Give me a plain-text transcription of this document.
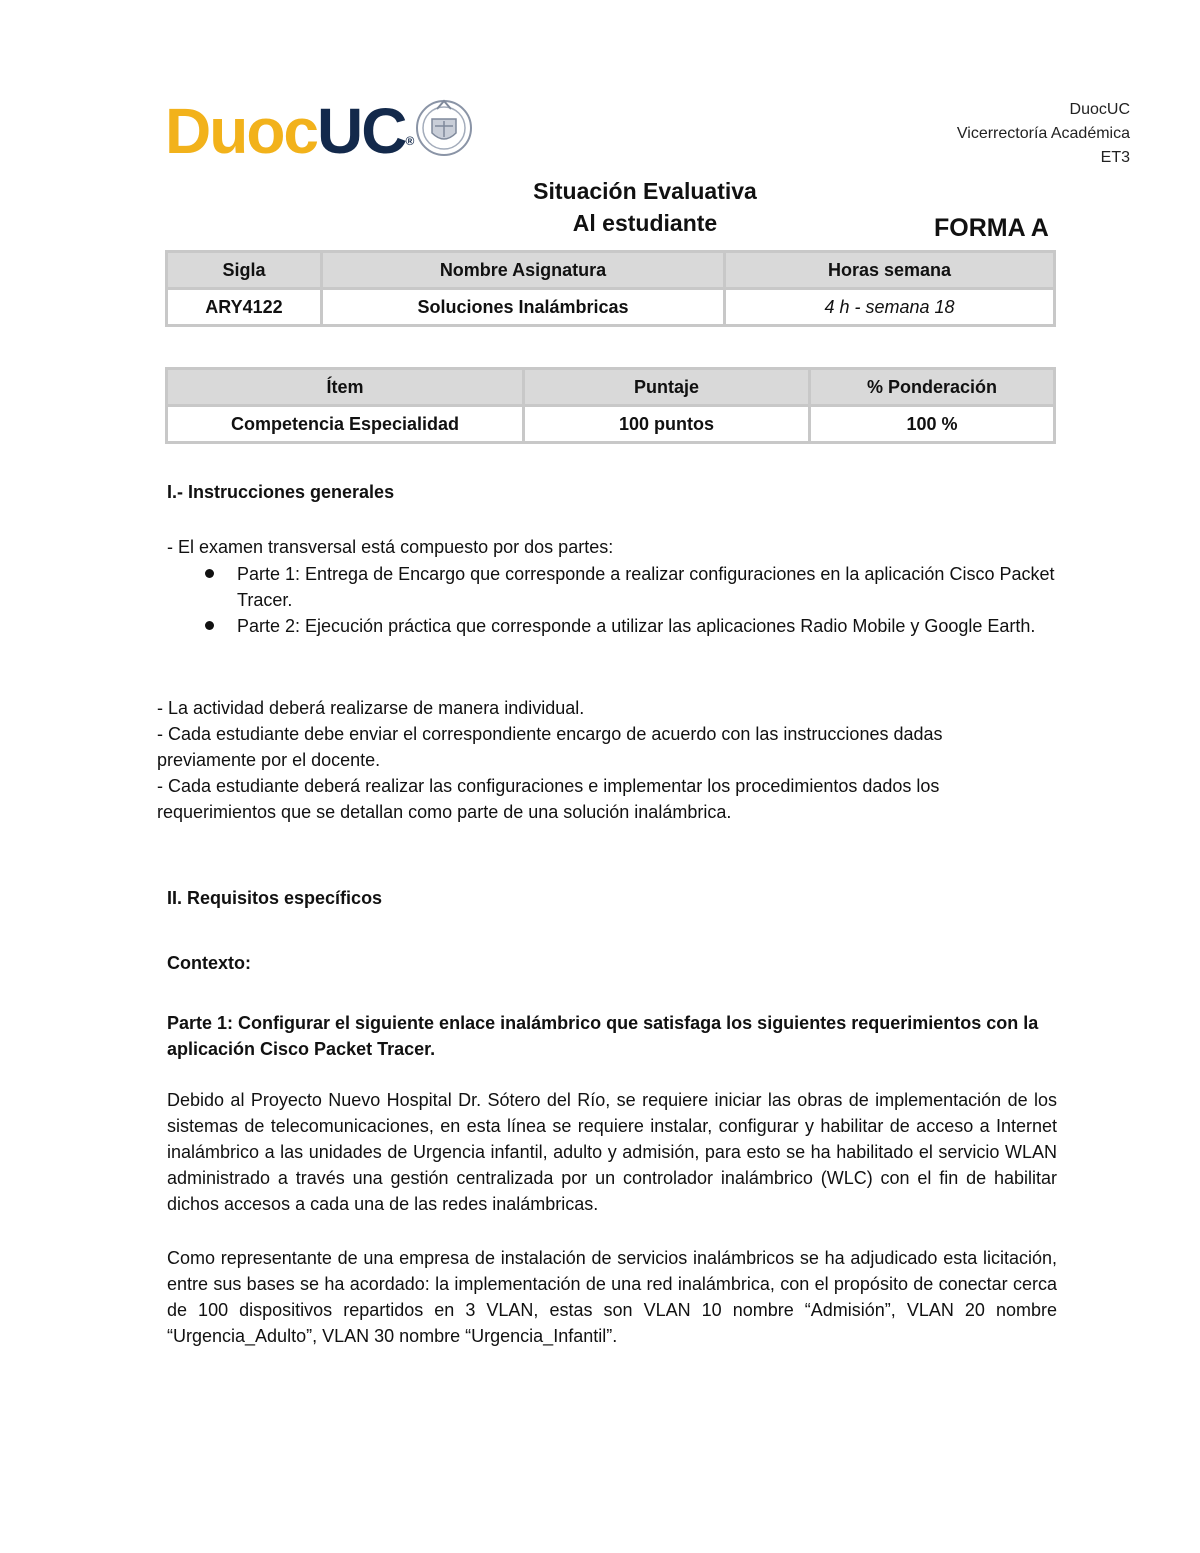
DuocUC®
DuocUC
Vicerrectoría Académica
ET3
Situación Evaluativa
Al estudiante	FORMA A
Sigla	Nombre Asignatura	Horas semana
ARY4122	Soluciones Inalámbricas	4 h - semana 18
Ítem	Puntaje	% Ponderación
Competencia Especialidad	100 puntos	100 %
I.- Instrucciones generales
- El examen transversal está compuesto por dos partes:
Parte 1: Entrega de Encargo que corresponde a realizar configuraciones en la aplicación Cisco Packet Tracer.
Parte 2: Ejecución práctica que corresponde a utilizar las aplicaciones Radio Mobile y Google Earth.
- La actividad deberá realizarse de manera individual.
- Cada estudiante debe enviar el correspondiente encargo de acuerdo con las instrucciones dadas previamente por el docente.
- Cada estudiante deberá realizar las configuraciones e implementar los procedimientos dados los requerimientos que se detallan como parte de una solución inalámbrica.
II. Requisitos específicos
Contexto:
Parte 1: Configurar el siguiente enlace inalámbrico que satisfaga los siguientes requerimientos con la aplicación Cisco Packet Tracer.
Debido al Proyecto Nuevo Hospital Dr. Sótero del Río, se requiere iniciar las obras de implementación de los sistemas de telecomunicaciones, en esta línea se requiere instalar, configurar y habilitar de acceso a Internet inalámbrico a las unidades de Urgencia infantil, adulto y admisión, para esto se ha habilitado el servicio WLAN administrado a través una gestión centralizada por un controlador inalámbrico (WLC) con el fin de habilitar dichos accesos a cada una de las redes inalámbricas.
Como representante de una empresa de instalación de servicios inalámbricos se ha adjudicado esta licitación, entre sus bases se ha acordado: la implementación de una red inalámbrica, con el propósito de conectar cerca de 100 dispositivos repartidos en 3 VLAN, estas son VLAN 10 nombre “Admisión”, VLAN 20 nombre “Urgencia_Adulto”, VLAN 30 nombre “Urgencia_Infantil”.
